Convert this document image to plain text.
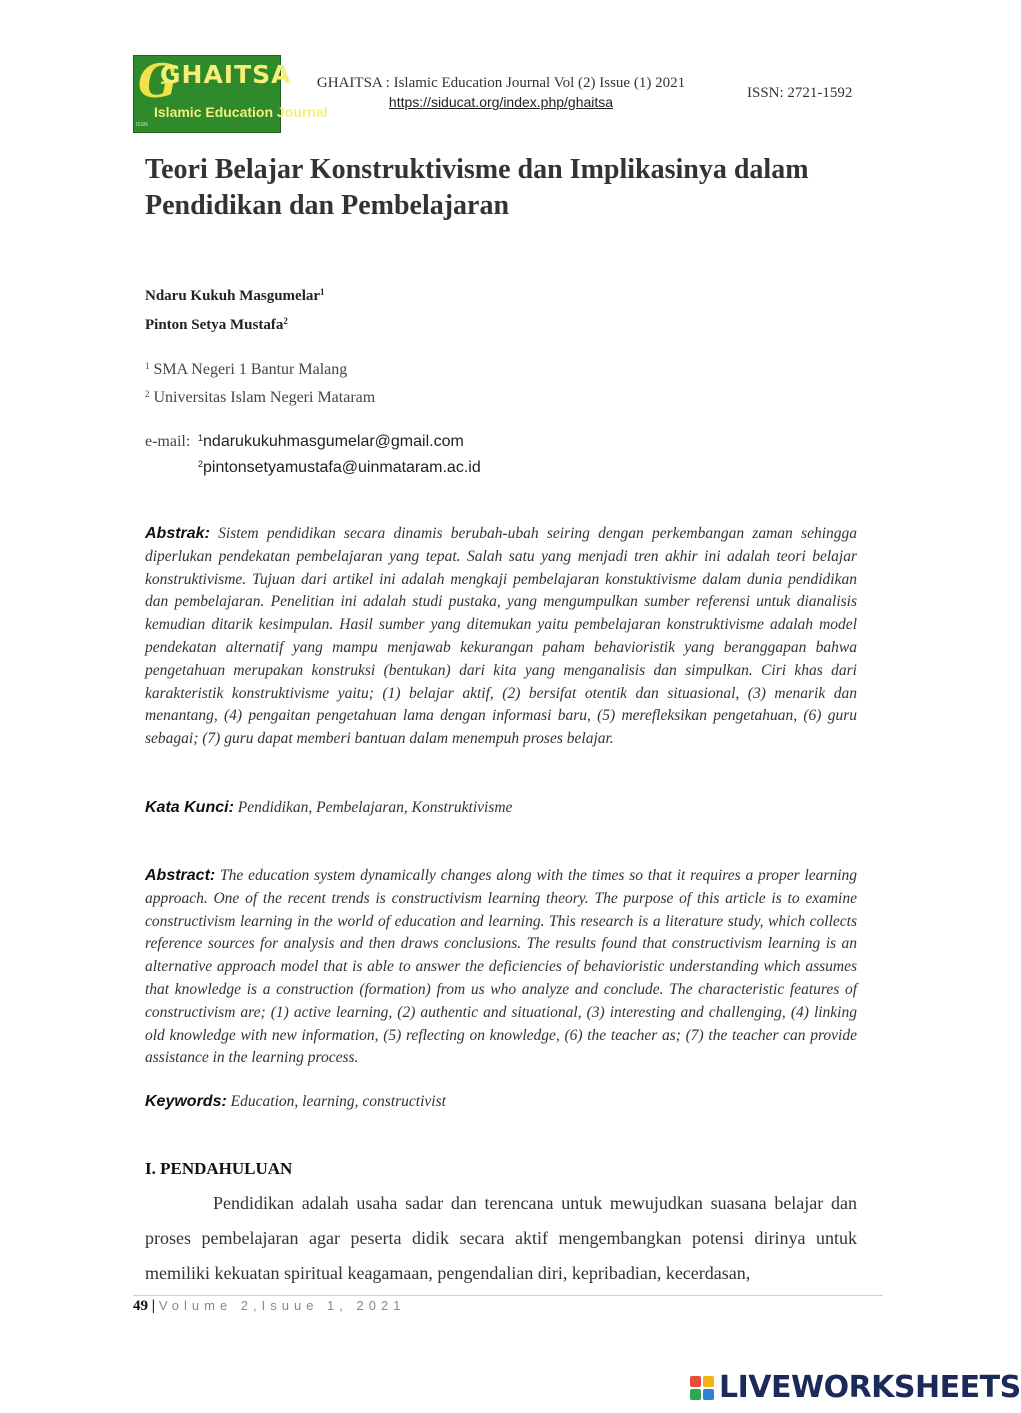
G
GHAITSA
Islamic Education Journal
ISSN
GHAITSA : Islamic Education Journal Vol (2) Issue (1) 2021
https://siducat.org/index.php/ghaitsa
ISSN: 2721-1592
Teori Belajar Konstruktivisme dan Implikasinya dalam Pendidikan dan Pembelajaran
Ndaru Kukuh Masgumelar$^1$
Pinton Setya Mustafa$^2$
$^1$ SMA Negeri 1 Bantur Malang
$^2$ Universitas Islam Negeri Mataram
e-mail: $^1$ndarukukuhmasgumelar@gmail.com
$^2$pintonsetyamustafa@uinmataram.ac.id
Abstrak: Sistem pendidikan secara dinamis berubah-ubah seiring dengan perkembangan zaman sehingga diperlukan pendekatan pembelajaran yang tepat. Salah satu yang menjadi tren akhir ini adalah teori belajar konstruktivisme. Tujuan dari artikel ini adalah mengkaji pembelajaran konstuktivisme dalam dunia pendidikan dan pembelajaran. Penelitian ini adalah studi pustaka, yang mengumpulkan sumber referensi untuk dianalisis kemudian ditarik kesimpulan. Hasil sumber yang ditemukan yaitu pembelajaran konstruktivisme adalah model pendekatan alternatif yang mampu menjawab kekurangan paham behavioristik yang beranggapan bahwa pengetahuan merupakan konstruksi (bentukan) dari kita yang menganalisis dan simpulkan. Ciri khas dari karakteristik konstruktivisme yaitu; (1) belajar aktif, (2) bersifat otentik dan situasional, (3) menarik dan menantang, (4) pengaitan pengetahuan lama dengan informasi baru, (5) merefleksikan pengetahuan, (6) guru sebagai; (7) guru dapat memberi bantuan dalam menempuh proses belajar.
Kata Kunci: Pendidikan, Pembelajaran, Konstruktivisme
Abstract: The education system dynamically changes along with the times so that it requires a proper learning approach. One of the recent trends is constructivism learning theory. The purpose of this article is to examine constructivism learning in the world of education and learning. This research is a literature study, which collects reference sources for analysis and then draws conclusions. The results found that constructivism learning is an alternative approach model that is able to answer the deficiencies of behavioristic understanding which assumes that knowledge is a construction (formation) from us who analyze and conclude. The characteristic features of constructivism are; (1) active learning, (2) authentic and situational, (3) interesting and challenging, (4) linking old knowledge with new information, (5) reflecting on knowledge, (6) the teacher as; (7) the teacher can provide assistance in the learning process.
Keywords: Education, learning, constructivist
I. PENDAHULUAN
Pendidikan adalah usaha sadar dan terencana untuk mewujudkan suasana belajar dan proses pembelajaran agar peserta didik secara aktif mengembangkan potensi dirinya untuk memiliki kekuatan spiritual keagamaan, pengendalian diri, kepribadian, kecerdasan,
49 | Volume 2,Isuue 1, 2021
LIVEWORKSHEETS
